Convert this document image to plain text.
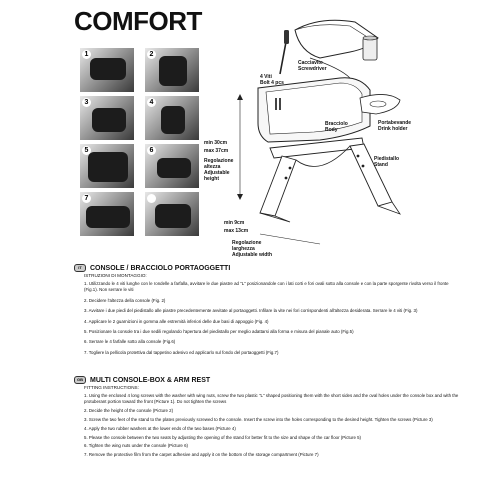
COMFORT
1	2
3	4
5	6
7
Cacciavite
Screwdriver
4 Viti
Bolt 4 pcs
Bracciolo
Body
Portabevande
Drink holder
Piedistallo
Stand
max 37cm
min 30cm
Regolazione
altezza
Adjustable
height
min 9cm
max 13cm
Regolazione
larghezza
Adjustable width
IT	CONSOLE / BRACCIOLO PORTAOGGETTI
ISTRUZIONI DI MONTAGGIO:
1. Utilizzando le 4 viti lunghe con le rondelle a farfalla, avvitare le due piastre ad "L" posizionandole con i lati corti e fori ovali sotto alla console e con la parte sporgente rivolta verso il fronte (Fig.1). Non serrare le viti
2. Decidere l'altezza della console (Fig. 2)
3. Avvitare i due piedi del piedistallo alle piastre precedentemente avvitate al portaoggetti. Infilare la vite nei fori corrispondenti all'altezza desiderata. Serrare le 4 viti (Fig. 3)
4. Applicare le 2 guarnizioni in gomma alle estremità inferiori delle due basi di appoggio (Fig. 4)
5. Posizionare la console tra i due sedili regolando l'apertura del piedistallo per meglio adattarsi alla forma e misura del pianale auto (Fig.5)
6. Serrare le 4 farfalle sotto alla console (Fig.6)
7. Togliere la pellicola protettiva dal tappetino adesivo ed applicarlo sul fondo del portaoggetti (Fig.7)
GB	MULTI CONSOLE-BOX & ARM REST
FITTING INSTRUCTIONS:
1. Using the enclosed 4 long screws with the washer with wing nuts, screw the two plastic "L" shaped positioning them with the short sides and the oval holes under the console box and with the protuberant portion toward the front (Picture 1). Do not tighten the screws
2. Decide the height of the console (Picture 2)
3. Screw the two feet of the stand to the plates previously screwed to the console. Insert the screw into the holes corresponding to the desired height. Tighten the screws (Picture 3)
4. Apply the two rubber washers at the lower ends of the two bases (Picture 4)
5. Please the console between the two seats by adjusting the opening of the stand for better fit to the size and shape of the car floor (Picture 5)
6. Tighten the wing nuts under the console (Picture 6)
7. Remove the protective film from the carpet adhesive and apply it on the bottom of the storage compartment (Picture 7)
